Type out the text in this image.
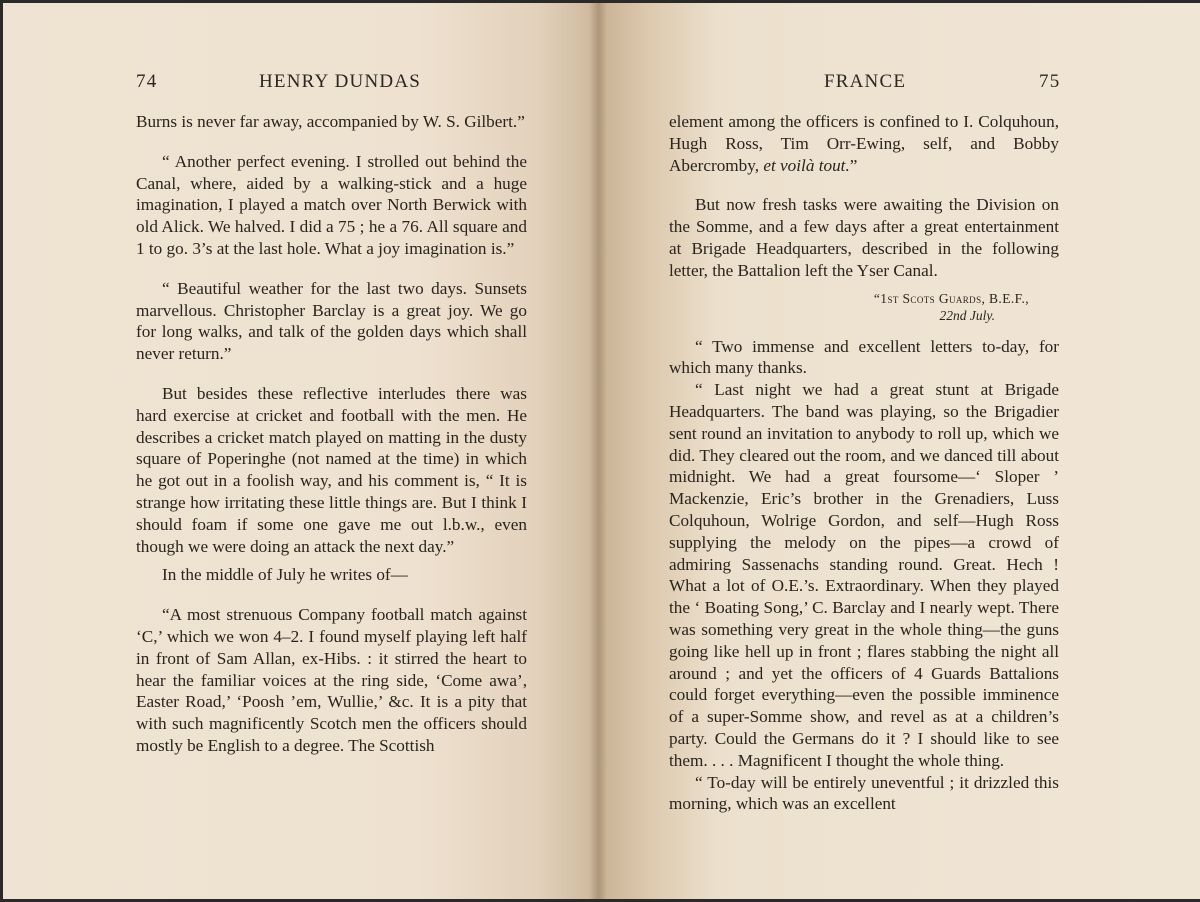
74	HENRY DUNDAS

Burns is never far away, accompanied by W. S. Gilbert.”

“ Another perfect evening. I strolled out behind the Canal, where, aided by a walking-stick and a huge imagination, I played a match over North Berwick with old Alick. We halved. I did a 75 ; he a 76. All square and 1 to go. 3’s at the last hole. What a joy imagination is.”

“ Beautiful weather for the last two days. Sunsets marvellous. Christopher Barclay is a great joy. We go for long walks, and talk of the golden days which shall never return.”

But besides these reflective interludes there was hard exercise at cricket and football with the men. He describes a cricket match played on matting in the dusty square of Poperinghe (not named at the time) in which he got out in a foolish way, and his comment is, “ It is strange how irritating these little things are. But I think I should foam if some one gave me out l.b.w., even though we were doing an attack the next day.”

In the middle of July he writes of—

“A most strenuous Company football match against ‘C,’ which we won 4–2. I found myself playing left half in front of Sam Allan, ex-Hibs. : it stirred the heart to hear the familiar voices at the ring side, ‘Come awa’, Easter Road,’ ‘Poosh ’em, Wullie,’ &c. It is a pity that with such magnificently Scotch men the officers should mostly be English to a degree. The Scottish

FRANCE	75

element among the officers is confined to I. Colquhoun, Hugh Ross, Tim Orr-Ewing, self, and Bobby Abercromby, et voilà tout.”

But now fresh tasks were awaiting the Division on the Somme, and a few days after a great entertainment at Brigade Headquarters, described in the following letter, the Battalion left the Yser Canal.

“1st Scots Guards, B.E.F.,
22nd July.

“ Two immense and excellent letters to-day, for which many thanks.

“ Last night we had a great stunt at Brigade Headquarters. The band was playing, so the Brigadier sent round an invitation to anybody to roll up, which we did. They cleared out the room, and we danced till about midnight. We had a great foursome—‘ Sloper ’ Mackenzie, Eric’s brother in the Grenadiers, Luss Colquhoun, Wolrige Gordon, and self—Hugh Ross supplying the melody on the pipes—a crowd of admiring Sassenachs standing round. Great. Hech ! What a lot of O.E.’s. Extraordinary. When they played the ‘ Boating Song,’ C. Barclay and I nearly wept. There was something very great in the whole thing—the guns going like hell up in front ; flares stabbing the night all around ; and yet the officers of 4 Guards Battalions could forget everything—even the possible imminence of a super-Somme show, and revel as at a children’s party. Could the Germans do it ? I should like to see them. . . . Magnificent I thought the whole thing.

“ To-day will be entirely uneventful ; it drizzled this morning, which was an excellent
